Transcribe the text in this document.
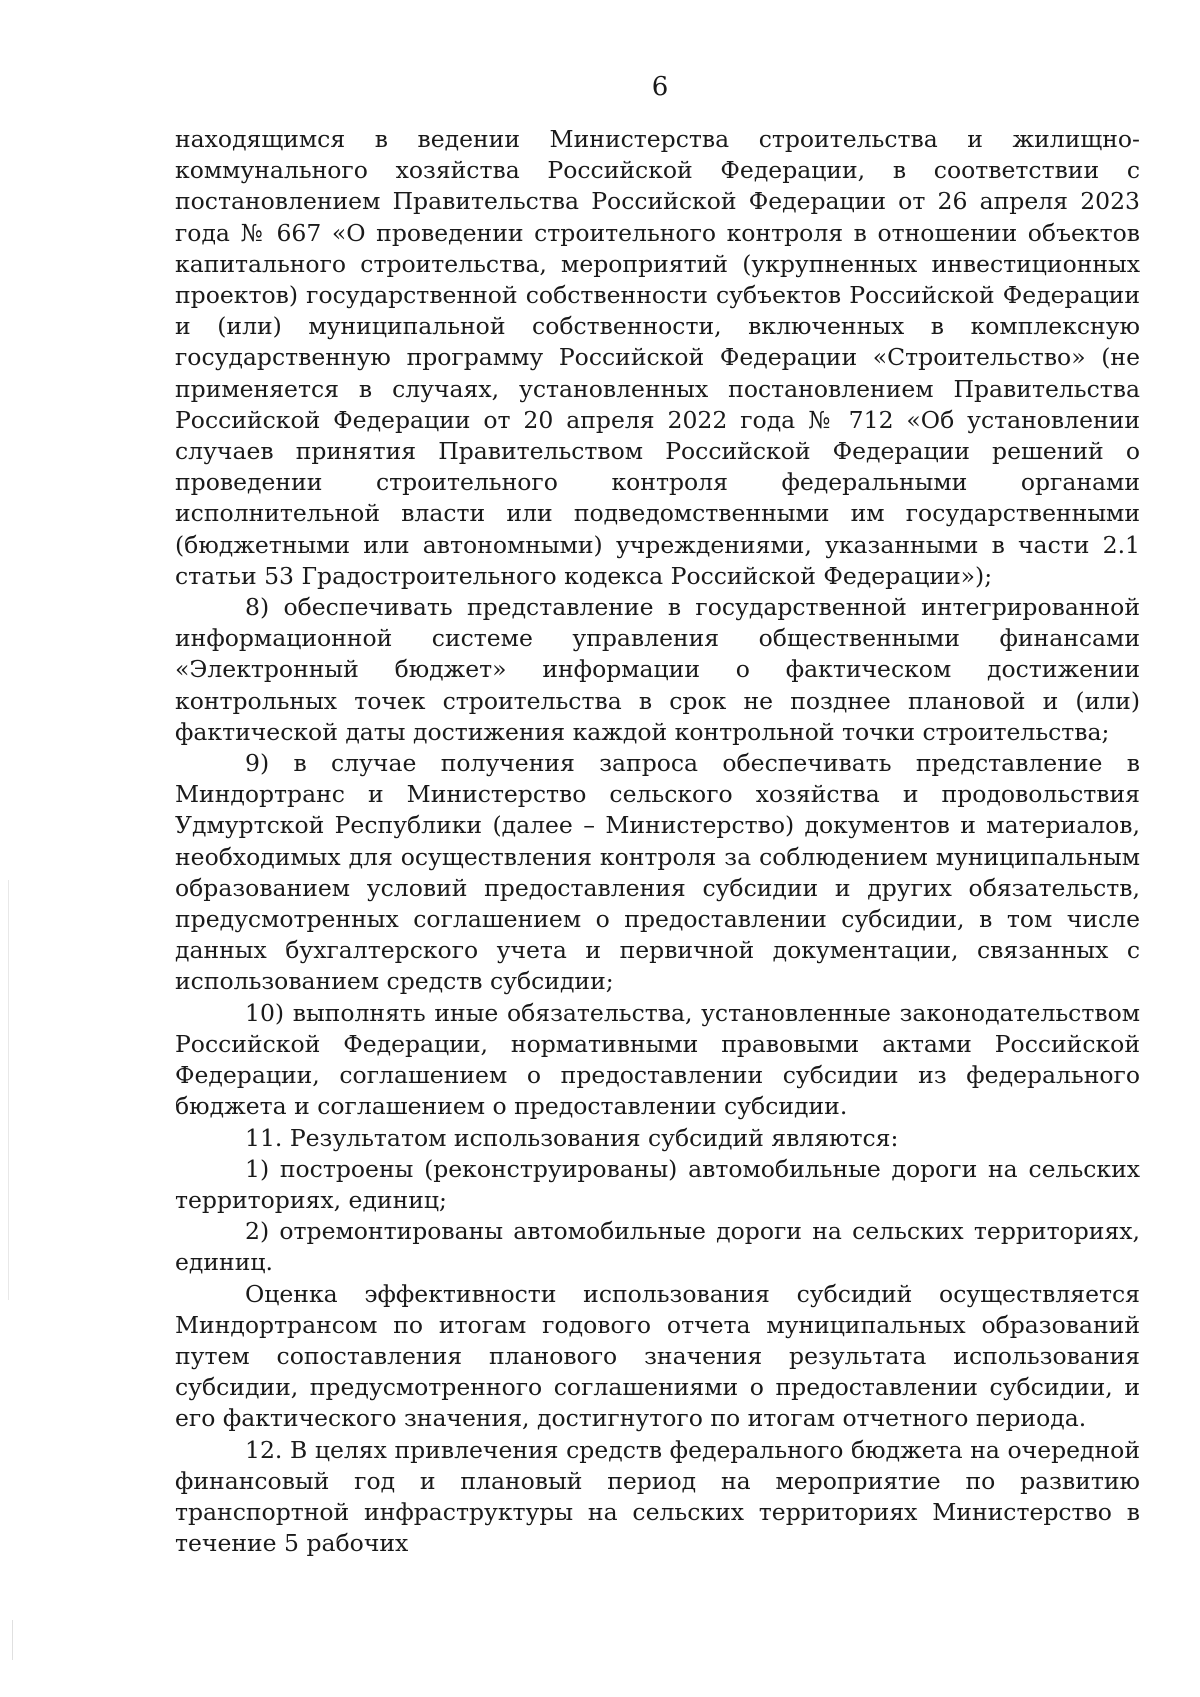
6

находящимся в ведении Министерства строительства и жилищно-коммунального хозяйства Российской Федерации, в соответствии с постановлением Правительства Российской Федерации от 26 апреля 2023 года № 667 «О проведении строительного контроля в отношении объектов капитального строительства, мероприятий (укрупненных инвестиционных проектов) государственной собственности субъектов Российской Федерации и (или) муниципальной собственности, включенных в комплексную государственную программу Российской Федерации «Строительство» (не применяется в случаях, установленных постановлением Правительства Российской Федерации от 20 апреля 2022 года № 712 «Об установлении случаев принятия Правительством Российской Федерации решений о проведении строительного контроля федеральными органами исполнительной власти или подведомственными им государственными (бюджетными или автономными) учреждениями, указанными в части 2.1 статьи 53 Градостроительного кодекса Российской Федерации»);

8) обеспечивать представление в государственной интегрированной информационной системе управления общественными финансами «Электронный бюджет» информации о фактическом достижении контрольных точек строительства в срок не позднее плановой и (или) фактической даты достижения каждой контрольной точки строительства;

9) в случае получения запроса обеспечивать представление в Миндортранс и Министерство сельского хозяйства и продовольствия Удмуртской Республики (далее – Министерство) документов и материалов, необходимых для осуществления контроля за соблюдением муниципальным образованием условий предоставления субсидии и других обязательств, предусмотренных соглашением о предоставлении субсидии, в том числе данных бухгалтерского учета и первичной документации, связанных с использованием средств субсидии;

10) выполнять иные обязательства, установленные законодательством Российской Федерации, нормативными правовыми актами Российской Федерации, соглашением о предоставлении субсидии из федерального бюджета и соглашением о предоставлении субсидии.

11. Результатом использования субсидий являются:

1) построены (реконструированы) автомобильные дороги на сельских территориях, единиц;

2) отремонтированы автомобильные дороги на сельских территориях, единиц.

Оценка эффективности использования субсидий осуществляется Миндортрансом по итогам годового отчета муниципальных образований путем сопоставления планового значения результата использования субсидии, предусмотренного соглашениями о предоставлении субсидии, и его фактического значения, достигнутого по итогам отчетного периода.

12. В целях привлечения средств федерального бюджета на очередной финансовый год и плановый период на мероприятие по развитию транспортной инфраструктуры на сельских территориях Министерство в течение 5 рабочих
